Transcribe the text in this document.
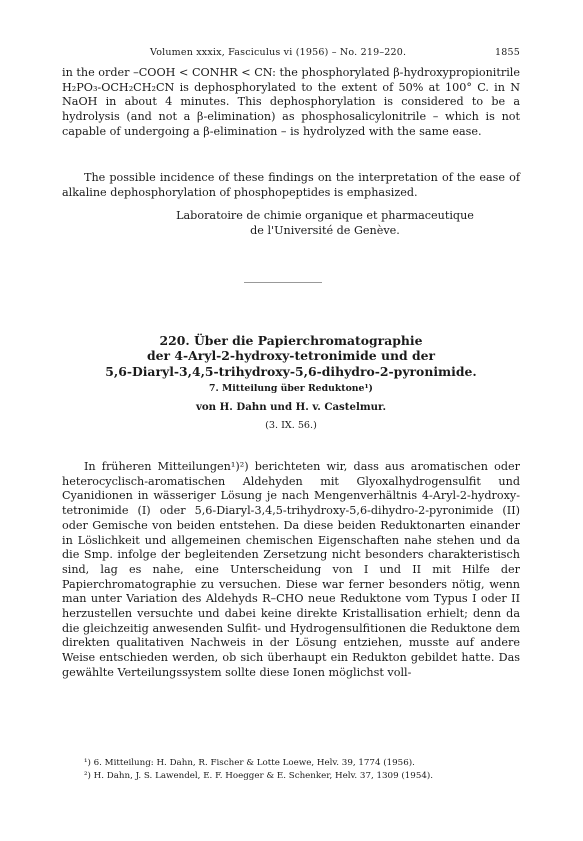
Volumen xxxix, Fasciculus vi (1956) – No. 219–220.	1855

in the order –COOH < CONHR < CN: the phosphorylated β-hydroxypropionitrile H₂PO₃-OCH₂CH₂CN is dephosphorylated to the extent of 50% at 100° C. in N NaOH in about 4 minutes. This dephosphorylation is considered to be a hydrolysis (and not a β-elimination) as phosphosalicylonitrile – which is not capable of undergoing a β-elimination – is hydrolyzed with the same ease.

The possible incidence of these findings on the interpretation of the ease of alkaline dephosphorylation of phosphopeptides is emphasized.

Laboratoire de chimie organique et pharmaceutique
de l'Université de Genève.
220. Über die Papierchromatographie
der 4-Aryl-2-hydroxy-tetronimide und der
5,6-Diaryl-3,4,5-trihydroxy-5,6-dihydro-2-pyronimide.
7. Mitteilung über Reduktone¹)
von H. Dahn und H. v. Castelmur.
(3. IX. 56.)

In früheren Mitteilungen¹)²) berichteten wir, dass aus aromatischen oder heterocyclisch-aromatischen Aldehyden mit Glyoxalhydrogensulfit und Cyanidionen in wässeriger Lösung je nach Mengenverhältnis 4-Aryl-2-hydroxy-tetronimide (I) oder 5,6-Diaryl-3,4,5-trihydroxy-5,6-dihydro-2-pyronimide (II) oder Gemische von beiden entstehen. Da diese beiden Reduktonarten einander in Löslichkeit und allgemeinen chemischen Eigenschaften nahe stehen und da die Smp. infolge der begleitenden Zersetzung nicht besonders charakteristisch sind, lag es nahe, eine Unterscheidung von I und II mit Hilfe der Papierchromatographie zu versuchen. Diese war ferner besonders nötig, wenn man unter Variation des Aldehyds R–CHO neue Reduktone vom Typus I oder II herzustellen versuchte und dabei keine direkte Kristallisation erhielt; denn da die gleichzeitig anwesenden Sulfit- und Hydrogensulfitionen die Reduktone dem direkten qualitativen Nachweis in der Lösung entziehen, musste auf andere Weise entschieden werden, ob sich überhaupt ein Redukton gebildet hatte. Das gewählte Verteilungssystem sollte diese Ionen möglichst voll-

¹) 6. Mitteilung: H. Dahn, R. Fischer & Lotte Loewe, Helv. 39, 1774 (1956).

²) H. Dahn, J. S. Lawendel, E. F. Hoegger & E. Schenker, Helv. 37, 1309 (1954).
